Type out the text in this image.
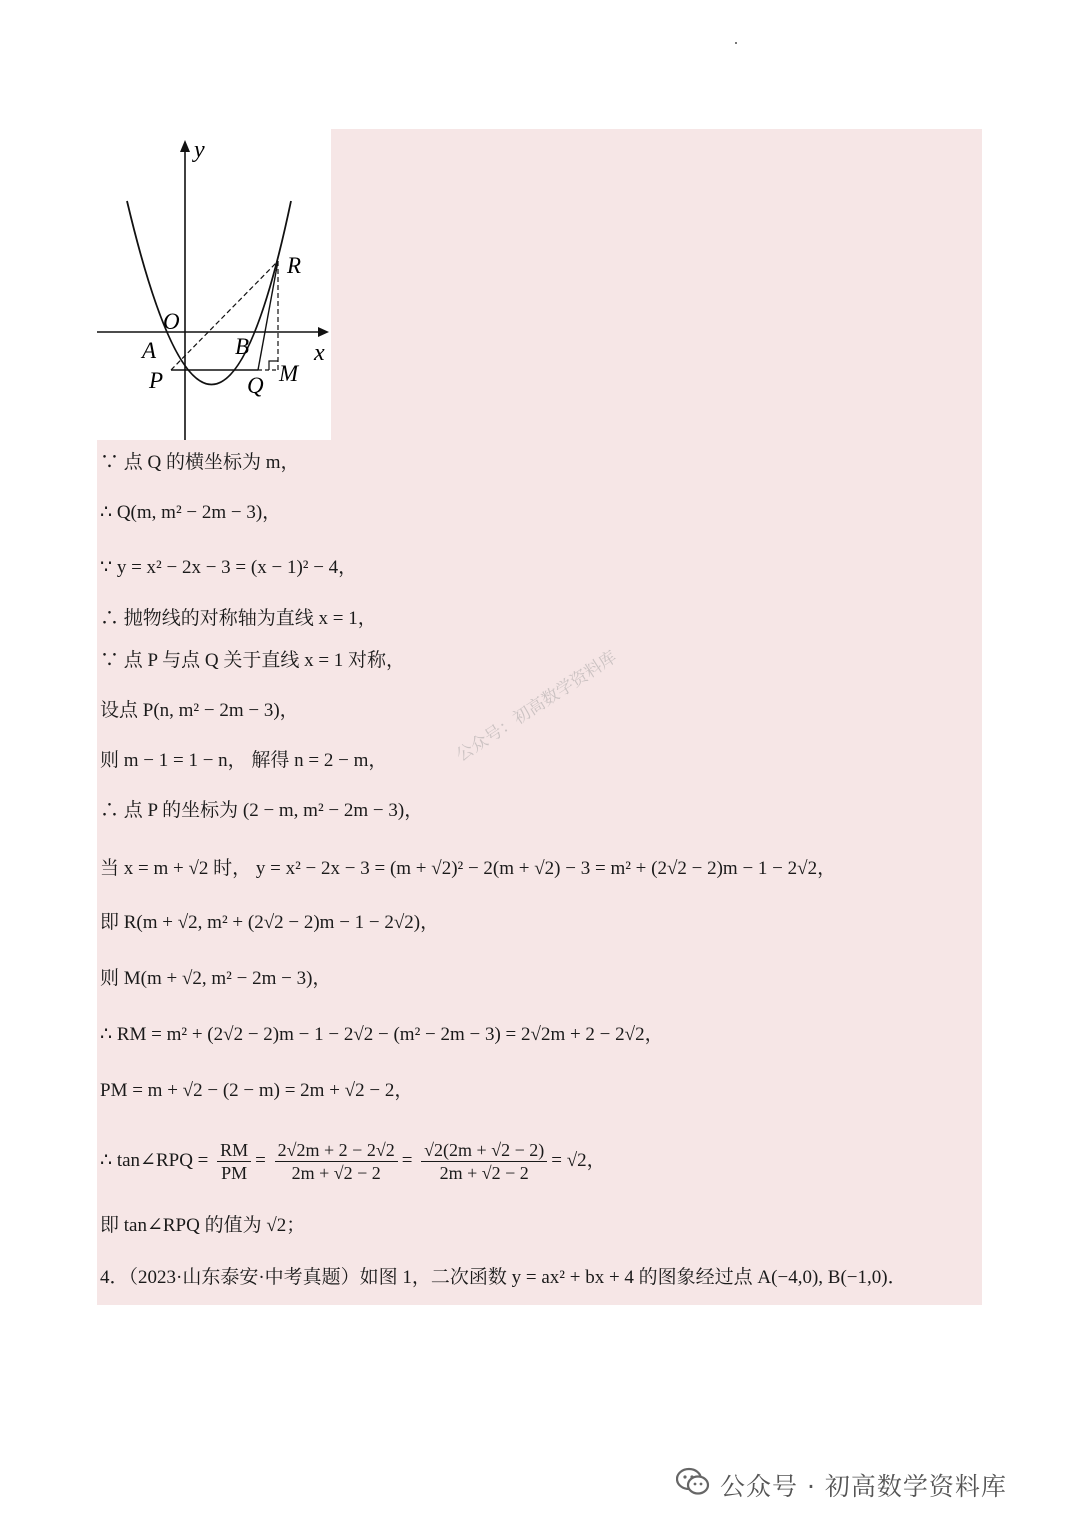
y
x
O
A	B
P	Q
R
M
∵ 点 Q 的横坐标为 m，
∴ Q(m, m² − 2m − 3)，
∵ y = x² − 2x − 3 = (x − 1)² − 4，
∴ 抛物线的对称轴为直线 x = 1，
∵ 点 P 与点 Q 关于直线 x = 1 对称，
设点 P(n, m² − 2m − 3)，
则 m − 1 = 1 − n， 解得 n = 2 − m，
∴ 点 P 的坐标为 (2 − m, m² − 2m − 3)，
当 x = m + √2 时， y = x² − 2x − 3 = (m + √2)² − 2(m + √2) − 3 = m² + (2√2 − 2)m − 1 − 2√2，
即 R(m + √2, m² + (2√2 − 2)m − 1 − 2√2)，
则 M(m + √2, m² − 2m − 3)，
∴ RM = m² + (2√2 − 2)m − 1 − 2√2 − (m² − 2m − 3) = 2√2m + 2 − 2√2，
PM = m + √2 − (2 − m) = 2m + √2 − 2，
∴ tan∠RPQ = $\frac{RM}{PM} = \frac{2√2m + 2 - 2√2}{2m + √2 - 2} = \frac{√2(2m + √2 - 2)}{2m + √2 - 2} = √2$，
即 tan∠RPQ 的值为 √2；
4．（2023·山东泰安·中考真题）如图 1，二次函数 y = ax² + bx + 4 的图象经过点 A(−4,0), B(−1,0)．
公众号：初高数学资料库
公众号 · 初高数学资料库
